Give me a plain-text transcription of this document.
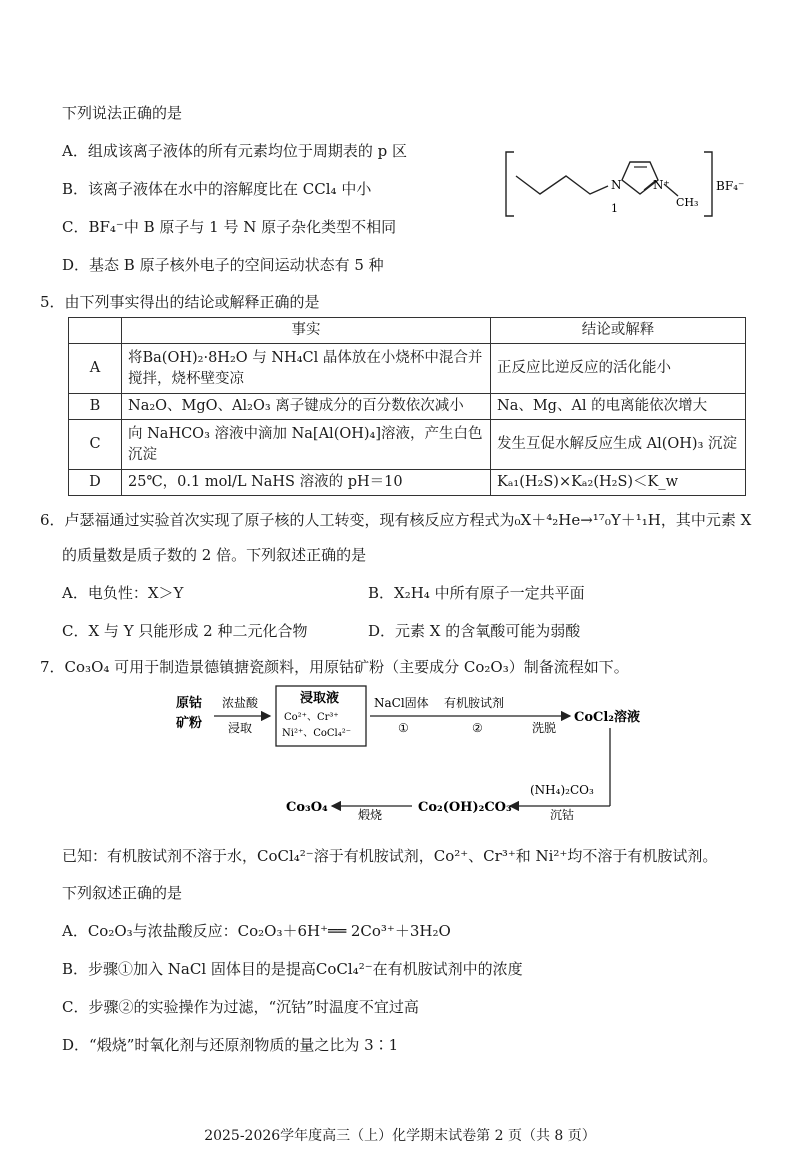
下列说法正确的是
A．组成该离子液体的所有元素均位于周期表的 p 区
B．该离子液体在水中的溶解度比在 CCl₄ 中小
C．BF₄⁻中 B 原子与 1 号 N 原子杂化类型不相同
D．基态 B 原子核外电子的空间运动状态有 5 种
N
1
N⁺
CH₃
BF₄⁻
5．由下列事实得出的结论或解释正确的是
	事实	结论或解释
A	将Ba(OH)₂·8H₂O 与 NH₄Cl 晶体放在小烧杯中混合并搅拌，烧杯壁变凉	正反应比逆反应的活化能小
B	Na₂O、MgO、Al₂O₃ 离子键成分的百分数依次减小	Na、Mg、Al 的电离能依次增大
C	向 NaHCO₃ 溶液中滴加 Na[Al(OH)₄]溶液，产生白色沉淀	发生互促水解反应生成 Al(OH)₃ 沉淀
D	25℃，0.1 mol/L NaHS 溶液的 pH＝10	Kₐ₁(H₂S)×Kₐ₂(H₂S)＜K_w
6．卢瑟福通过实验首次实现了原子核的人工转变，现有核反应方程式为₀X＋⁴₂He→¹⁷₀Y＋¹₁H，其中元素 X
的质量数是质子数的 2 倍。下列叙述正确的是
A．电负性：X＞Y	B．X₂H₄ 中所有原子一定共平面
C．X 与 Y 只能形成 2 种二元化合物	D．元素 X 的含氧酸可能为弱酸
7．Co₃O₄ 可用于制造景德镇搪瓷颜料，用原钴矿粉（主要成分 Co₂O₃）制备流程如下。
原钴
矿粉
浓盐酸
浸取
浸取液
Co²⁺、Cr³⁺
Ni²⁺、CoCl₄²⁻
NaCl固体 有机胺试剂
①	②	洗脱
CoCl₂溶液
(NH₄)₂CO₃
沉钴
Co₂(OH)₂CO₃
煅烧
Co₃O₄
已知：有机胺试剂不溶于水，CoCl₄²⁻溶于有机胺试剂，Co²⁺、Cr³⁺和 Ni²⁺均不溶于有机胺试剂。
下列叙述正确的是
A．Co₂O₃与浓盐酸反应：Co₂O₃＋6H⁺══ 2Co³⁺＋3H₂O
B．步骤①加入 NaCl 固体目的是提高CoCl₄²⁻在有机胺试剂中的浓度
C．步骤②的实验操作为过滤，“沉钴”时温度不宜过高
D．“煅烧”时氧化剂与还原剂物质的量之比为 3∶1
2025-2026学年度高三（上）化学期末试卷第 2 页（共 8 页）
